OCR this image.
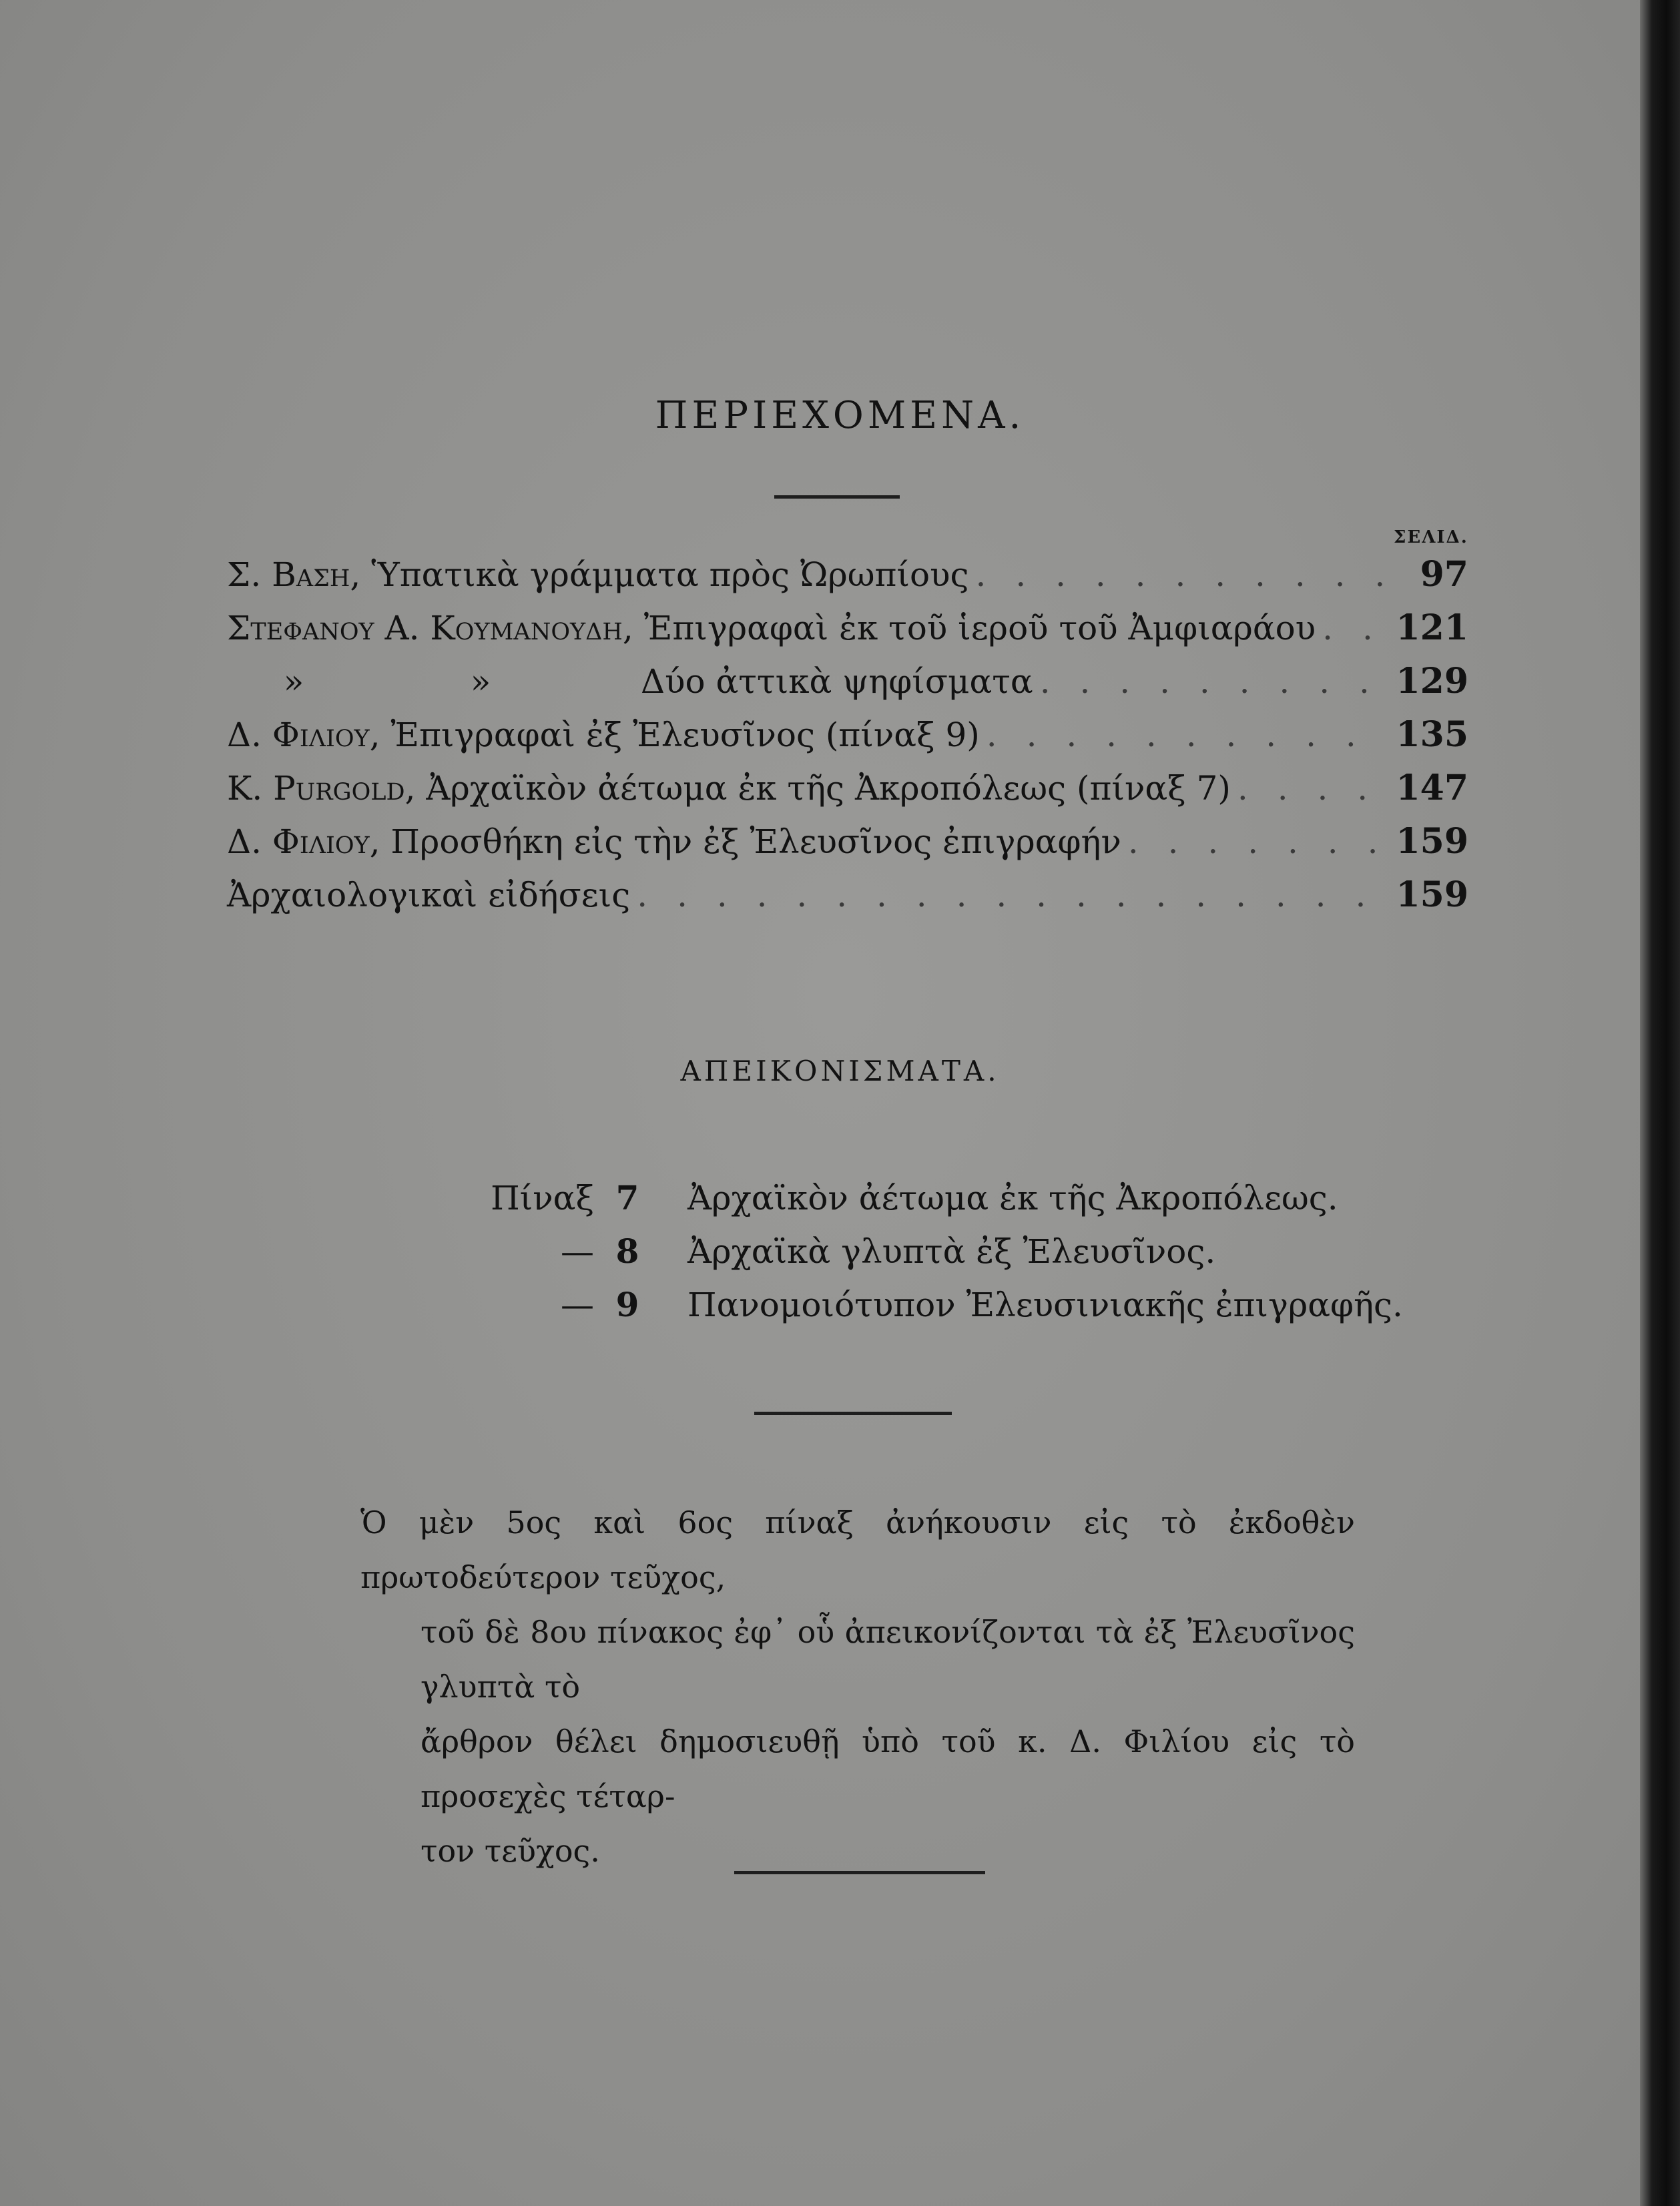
ΠΕΡΙΕΧΟΜΕΝΑ.
ΣΕΛΙΔ.
Σ. Βαση,
Ὑπατικὰ γράμματα πρὸς Ὠρωπίους . . .	97
Στεφανου Α. Κουμανουδη,
Ἐπιγραφαὶ ἐκ τοῦ ἱεροῦ τοῦ Ἀμφιαράου . . . 121
»	»	Δύο ἀττικὰ ψηφίσματα . . .	129
Δ. Φιλιου,
Ἐπιγραφαὶ ἐξ Ἐλευσῖνος (πίναξ 9) . . .	135
Κ. Purgold,
Ἀρχαϊκὸν ἀέτωμα ἐκ τῆς Ἀκροπόλεως (πίναξ 7) . . .	147
Δ. Φιλιου,
Προσθήκη εἰς τὴν ἐξ Ἐλευσῖνος ἐπιγραφήν . . .	159
Ἀρχαιολογικαὶ εἰδήσεις . . .	159
ΑΠΕΙΚΟΝΙΣΜΑΤΑ.
Πίναξ 7	Ἀρχαϊκὸν ἀέτωμα ἐκ τῆς Ἀκροπόλεως.
— 8	Ἀρχαϊκὰ γλυπτὰ ἐξ Ἐλευσῖνος.
— 9	Πανομοιότυπον Ἐλευσινιακῆς ἐπιγραφῆς.
Ὁ μὲν 5ος καὶ 6ος πίναξ ἀνήκουσιν εἰς τὸ ἐκδοθὲν πρωτοδεύτερον τεῦχος,
τοῦ δὲ 8ου πίνακος ἐφ᾽ οὗ ἀπεικονίζονται τὰ ἐξ Ἐλευσῖνος γλυπτὰ τὸ
ἄρθρον θέλει δημοσιευθῇ ὑπὸ τοῦ κ. Δ. Φιλίου εἰς τὸ προσεχὲς τέταρ-
τον τεῦχος.
